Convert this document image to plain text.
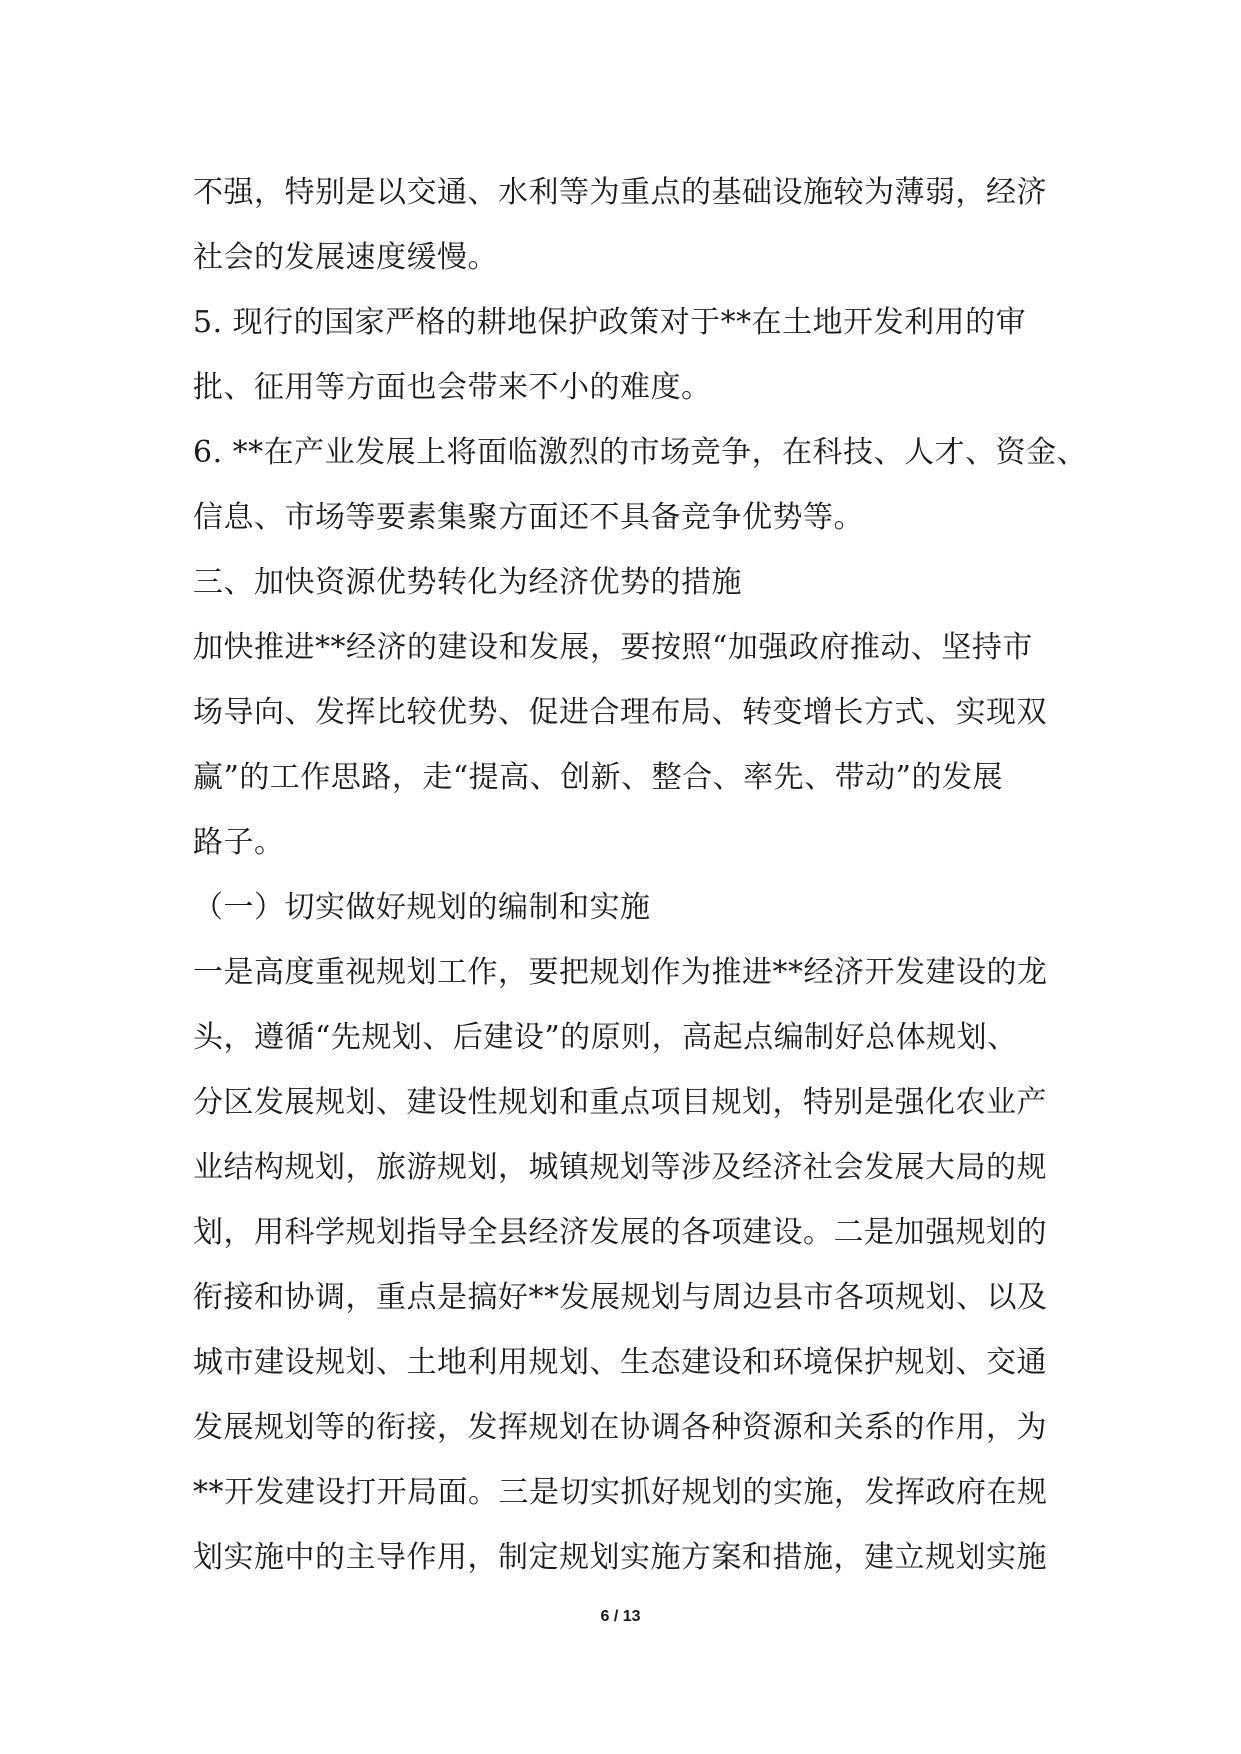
不强，特别是以交通、水利等为重点的基础设施较为薄弱，经济
社会的发展速度缓慢。
5. 现行的国家严格的耕地保护政策对于**在土地开发利用的审
批、征用等方面也会带来不小的难度。
6. **在产业发展上将面临激烈的市场竞争，在科技、人才、资金、
信息、市场等要素集聚方面还不具备竞争优势等。
三、加快资源优势转化为经济优势的措施
加快推进**经济的建设和发展，要按照“加强政府推动、坚持市
场导向、发挥比较优势、促进合理布局、转变增长方式、实现双
赢”的工作思路，走“提高、创新、整合、率先、带动”的发展
路子。
（一）切实做好规划的编制和实施
一是高度重视规划工作，要把规划作为推进**经济开发建设的龙
头，遵循“先规划、后建设”的原则，高起点编制好总体规划、
分区发展规划、建设性规划和重点项目规划，特别是强化农业产
业结构规划，旅游规划，城镇规划等涉及经济社会发展大局的规
划，用科学规划指导全县经济发展的各项建设。二是加强规划的
衔接和协调，重点是搞好**发展规划与周边县市各项规划、以及
城市建设规划、土地利用规划、生态建设和环境保护规划、交通
发展规划等的衔接，发挥规划在协调各种资源和关系的作用，为
**开发建设打开局面。三是切实抓好规划的实施，发挥政府在规
划实施中的主导作用，制定规划实施方案和措施，建立规划实施
6 / 13
